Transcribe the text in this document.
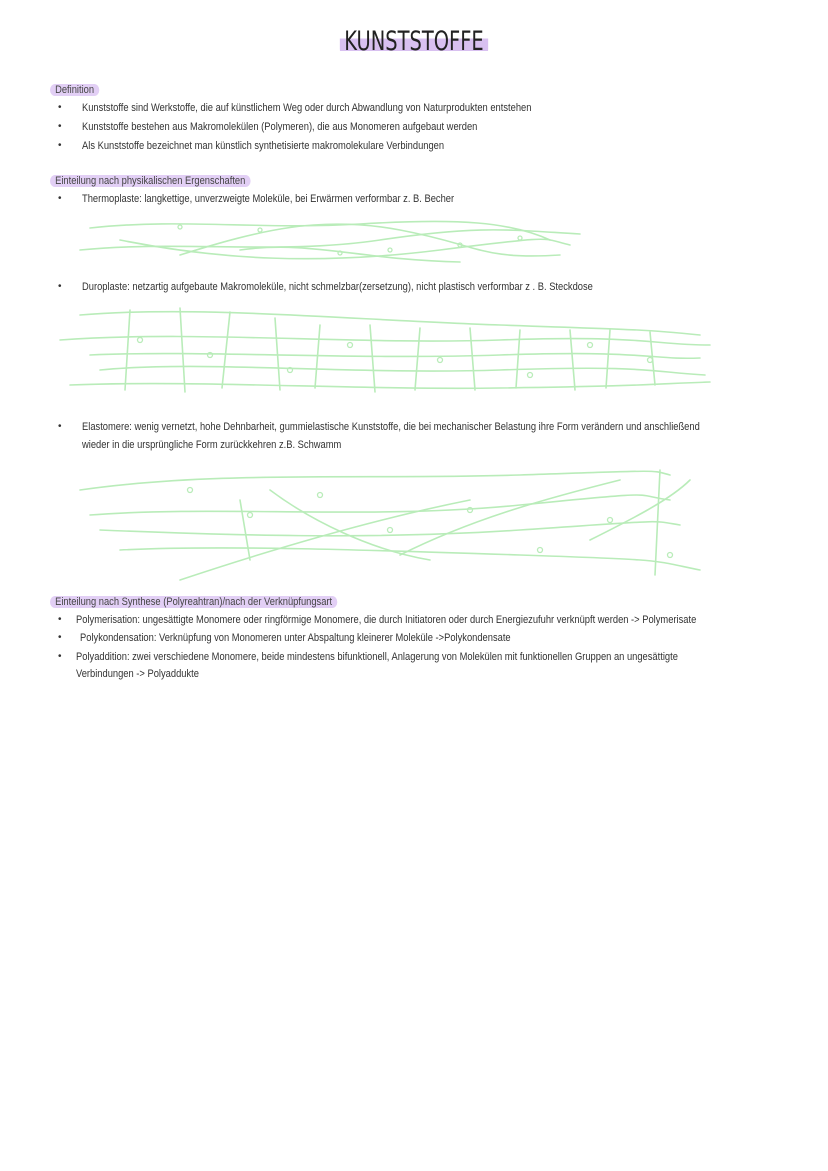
KUNSTSTOFFE
Definition
• Kunststoffe sind Werkstoffe, die auf künstlichem Weg oder durch Abwandlung von Naturprodukten entstehen
• Kunststoffe bestehen aus Makromolekülen (Polymeren), die aus Monomeren aufgebaut werden
• Als Kunststoffe bezeichnet man künstlich synthetisierte makromolekulare Verbindungen
Einteilung nach physikalischen Ergenschaften
• Thermoplaste: langkettige, unverzweigte Moleküle, bei Erwärmen verformbar z. B. Becher
• Duroplaste: netzartig aufgebaute Makromoleküle, nicht schmelzbar(zersetzung), nicht plastisch verformbar z . B. Steckdose
• Elastomere: wenig vernetzt, hohe Dehnbarheit, gummielastische Kunststoffe, die bei mechanischer Belastung ihre Form verändern und anschließend
wieder in die ursprüngliche Form zurückkehren z.B. Schwamm
Einteilung nach Synthese (Polyreahtran)/nach der Verknüpfungsart
• Polymerisation: ungesättigte Monomere oder ringförmige Monomere, die durch Initiatoren oder durch Energiezufuhr verknüpft werden -> Polymerisate
• Polykondensation: Verknüpfung von Monomeren unter Abspaltung kleinerer Moleküle ->Polykondensate
• Polyaddition: zwei verschiedene Monomere, beide mindestens bifunktionell, Anlagerung von Molekülen mit funktionellen Gruppen an ungesättigte
Verbindungen -> Polyaddukte
